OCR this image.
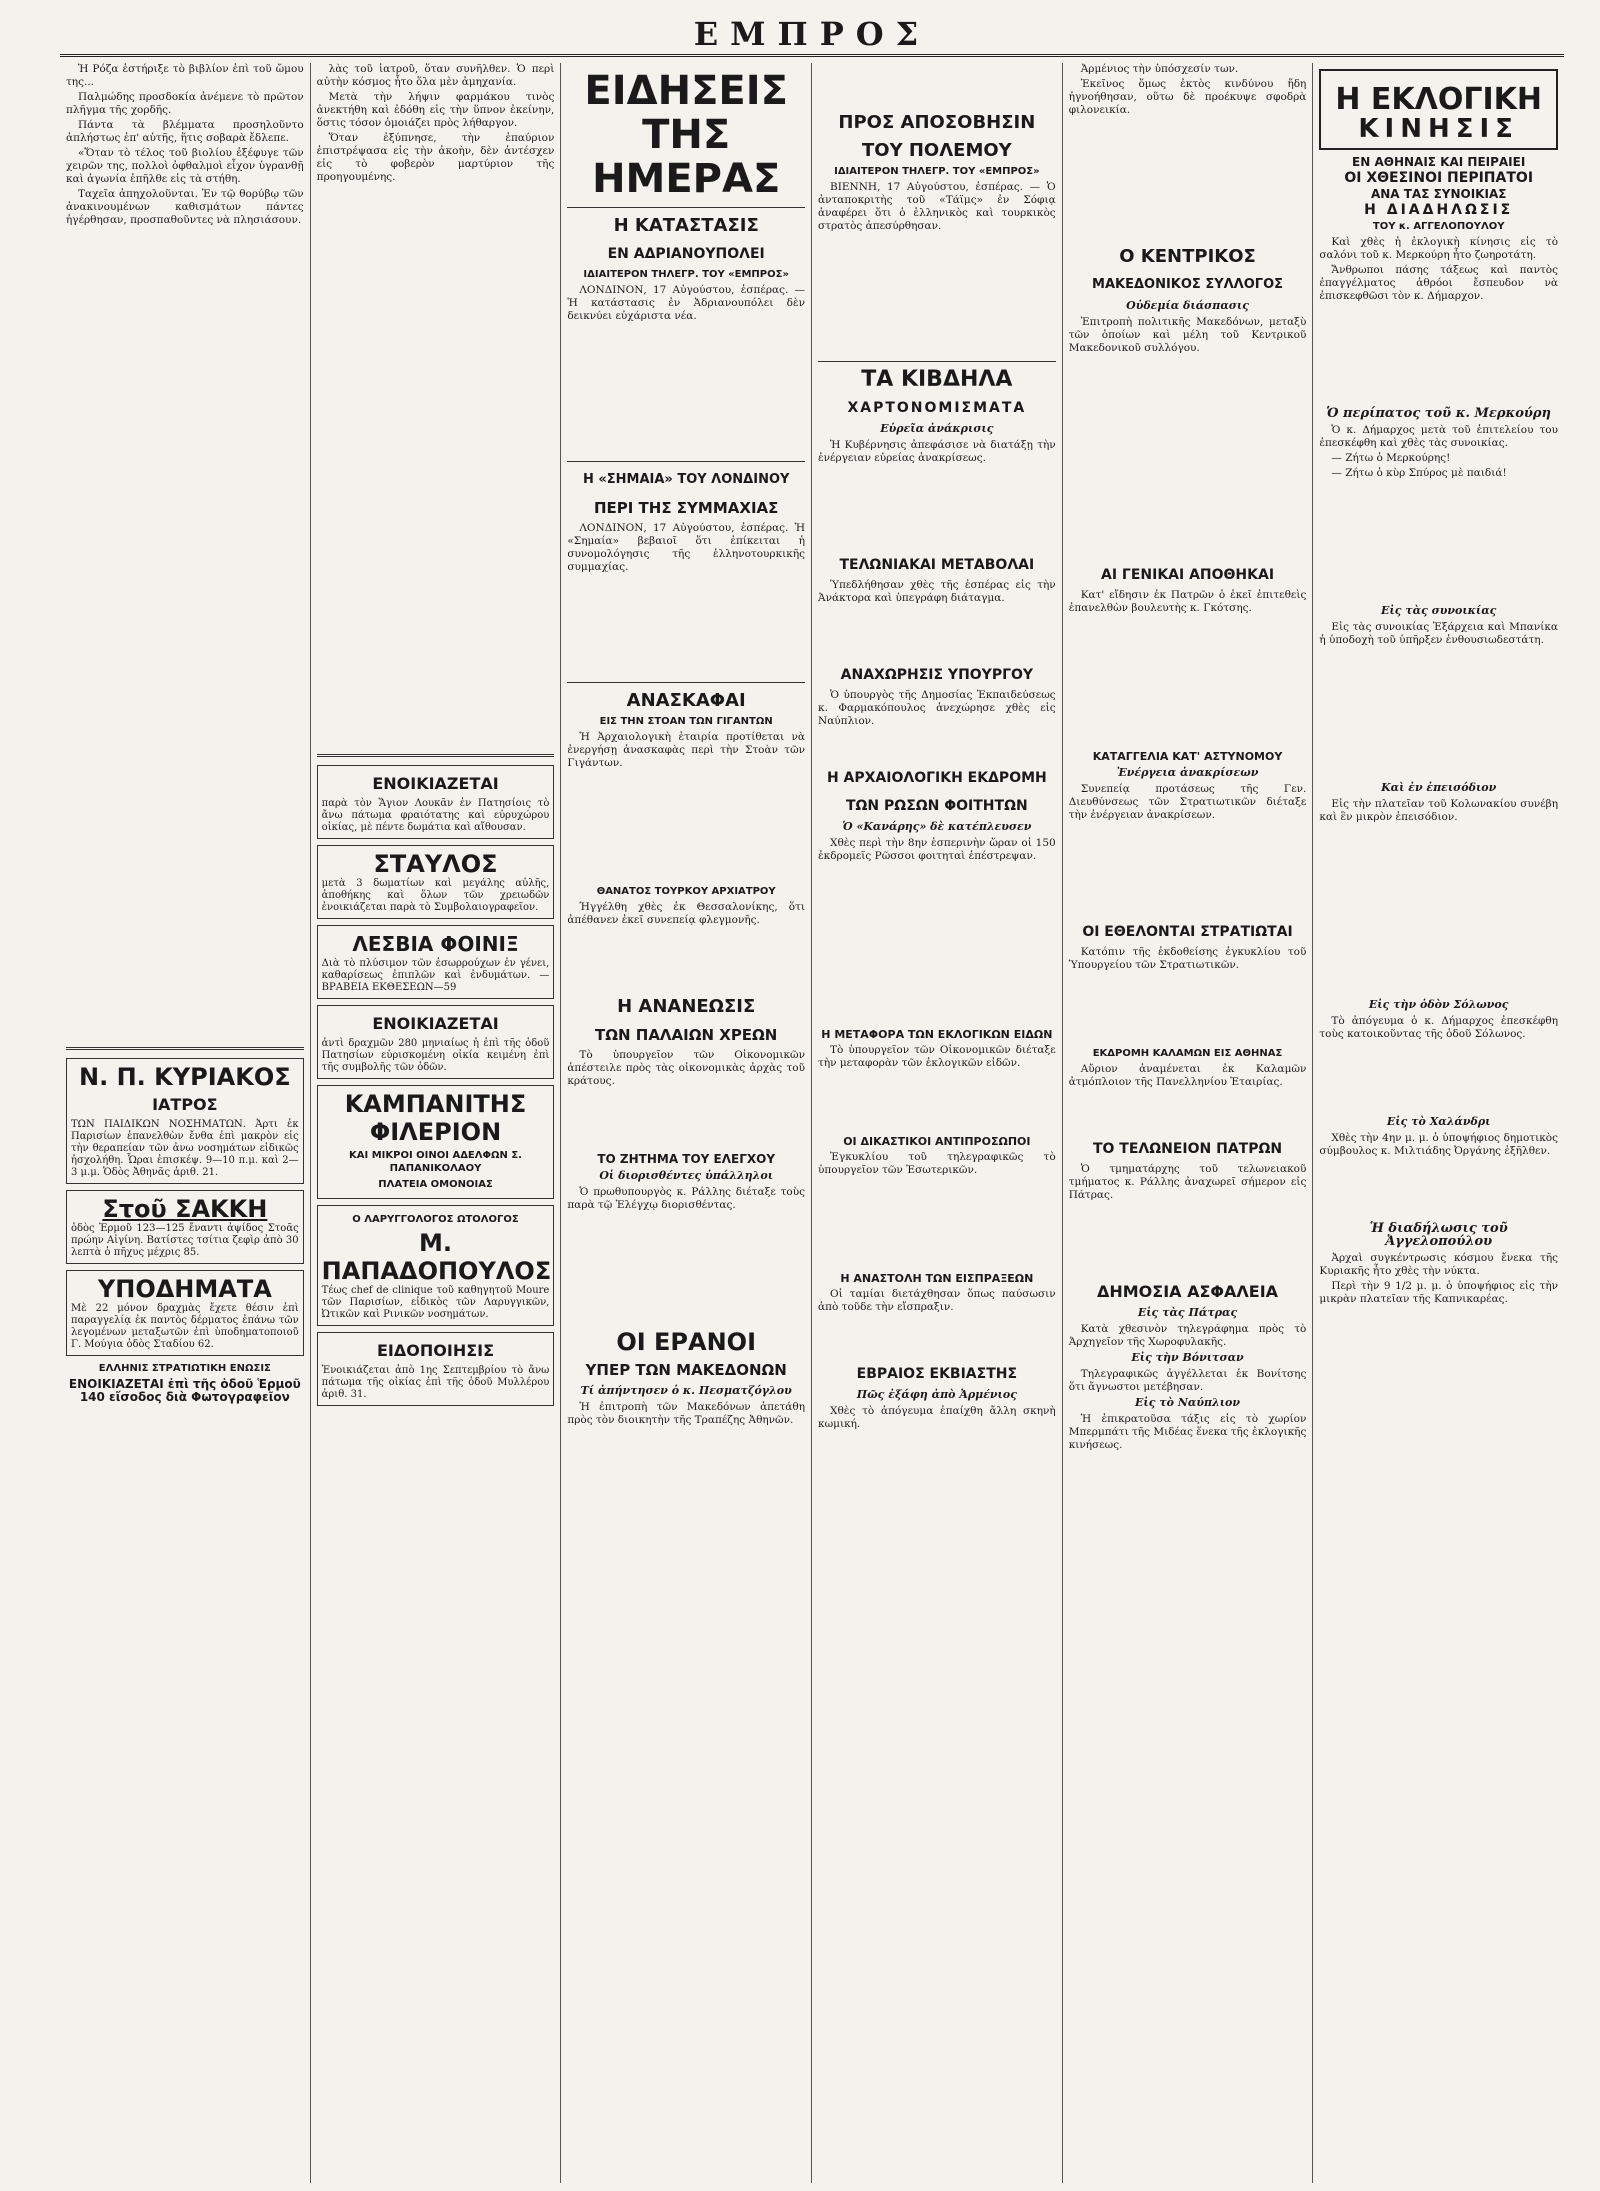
ΕΜΠΡΟΣ

Ἡ Ρόζα ἐστήριξε τὸ βιβλίον ἐπὶ τοῦ ὤμου της...

Παλμώδης προσδοκία ἀνέμενε τὸ πρῶτον πλῆγμα τῆς χορδῆς.

Πάντα τὰ βλέμματα προσηλοῦντο ἀπλήστως ἐπ' αὐτῆς, ἥτις σοβαρὰ ἔδλεπε.

«Ὅταν τὸ τέλος τοῦ βιολίου ἐξέφυγε τῶν χειρῶν της, πολλοὶ ὀφθαλμοὶ εἶχον ὑγρανθῇ καὶ ἀγωνία ἐπῆλθε εἰς τὰ στήθη.

Ταχεῖα ἀπηχολοῦνται. Ἐν τῷ θορύβῳ τῶν ἀνακινουμένων καθισμάτων πάντες ἠγέρθησαν, προσπαθοῦντες νὰ πλησιάσουν.

Ν. Π. ΚΥΡΙΑΚΟΣ
ΙΑΤΡΟΣ
ΤΩΝ ΠΑΙΔΙΚΩΝ ΝΟΣΗΜΑΤΩΝ. Ἀρτι ἐκ Παρισίων ἐπανελθὼν ἔνθα ἐπὶ μακρὸν εἰς τὴν θεραπείαν τῶν ἀνω νοσημάτων εἰδικῶς ἠσχολήθη. Ὧραι ἐπισκέψ. 9—10 π.μ. καὶ 2—3 μ.μ. Ὁδὸς Ἀθηνᾶς ἀριθ. 21.
Στοῦ ΣΑΚΚΗ
ὁδὸς Ἑρμοῦ 123—125 ἔναντι ἀψίδος Στοᾶς πρώην Αἰγίνη. Βατίστες τσίτια ζεφὶρ ἀπὸ 30 λεπτὰ ὁ πῆχυς μέχρις 85.
ΥΠΟΔΗΜΑΤΑ
Μὲ 22 μόνον δραχμὰς ἔχετε θέσιν ἐπὶ παραγγελίᾳ ἐκ παντὸς δέρματος ἐπάνω τῶν λεγομένων μεταξωτῶν ἐπὶ ὑποδηματοποιοῦ Γ. Μούγια ὁδὸς Σταδίου 62.
ΕΛΛΗΝΙΣ ΣΤΡΑΤΙΩΤΙΚΗ ΕΝΩΣΙΣ
ΕΝΟΙΚΙΑΖΕΤΑΙ ἐπὶ τῆς ὁδοῦ Ἑρμοῦ 140 εἴσοδος διὰ Φωτογραφεῖον

λὰς τοῦ ἰατροῦ, ὅταν συνῆλθεν. Ὁ περὶ αὐτὴν κόσμος ἦτο ὅλα μὲν ἀμηχανία.

Μετὰ τὴν λήψιν φαρμάκου τινὸς ἀνεκτήθη καὶ ἐδόθη εἰς τὴν ὕπνον ἐκείνην, ὅστις τόσον ὁμοιάζει πρὸς λήθαργον.

Ὅταν ἐξύπνησε, τὴν ἐπαύριον ἐπιστρέψασα εἰς τὴν ἀκοὴν, δὲν ἀντέσχεν εἰς τὸ φοβερὸν μαρτύριον τῆς προηγουμένης.

ΕΝΟΙΚΙΑΖΕΤΑΙ
παρὰ τὸν Ἅγιον Λουκᾶν ἐν Πατησίοις τὸ ἄνω πάτωμα φραιότατης καὶ εὐρυχώρου οἰκίας, μὲ πέντε δωμάτια καὶ αἴθουσαν.
ΣΤΑΥΛΟΣ
μετὰ 3 δωματίων καὶ μεγάλης αὐλῆς, ἀποθήκης καὶ ὅλων τῶν χρειωδῶν ἐνοικιάζεται παρὰ τὸ Συμβολαιογραφεῖον.
ΛΕΣΒΙΑ ΦΟΙΝΙΞ
Διὰ τὸ πλύσιμον τῶν ἐσωρρούχων ἐν γένει, καθαρίσεως ἐπιπλῶν καὶ ἐνδυμάτων. —ΒΡΑΒΕΙΑ ΕΚΘΕΣΕΩΝ—59
ΕΝΟΙΚΙΑΖΕΤΑΙ
ἀντὶ δραχμῶν 280 μηνιαίως ἡ ἐπὶ τῆς ὁδοῦ Πατησίων εὑρισκομένη οἰκία κειμένη ἐπὶ τῆς συμβολῆς τῶν ὁδῶν.
ΚΑΜΠΑΝΙΤΗΣ ΦΙΛΕΡΙΟΝ
ΚΑΙ ΜΙΚΡΟΙ ΟΙΝΟΙ ΑΔΕΛΦΩΝ Σ. ΠΑΠΑΝΙΚΟΛΑΟΥ
ΠΛΑΤΕΙΑ ΟΜΟΝΟΙΑΣ
Ο ΛΑΡΥΓΓΟΛΟΓΟΣ ΩΤΟΛΟΓΟΣ
Μ. ΠΑΠΑΔΟΠΟΥΛΟΣ
Τέως chef de clinique τοῦ καθηγητοῦ Moure τῶν Παρισίων, εἰδικὸς τῶν Λαρυγγικῶν, Ὠτικῶν καὶ Ρινικῶν νοσημάτων.
ΕΙΔΟΠΟΙΗΣΙΣ
Ἐνοικιάζεται ἀπὸ 1ης Σεπτεμβρίου τὸ ἄνω πάτωμα τῆς οἰκίας ἐπὶ τῆς ὁδοῦ Μυλλέρου ἀριθ. 31.
ΕΙΔΗΣΕΙΣ ΤΗΣ ΗΜΕΡΑΣ
Η ΚΑΤΑΣΤΑΣΙΣ
ΕΝ ΑΔΡΙΑΝΟΥΠΟΛΕΙ
ΙΔΙΑΙΤΕΡΟΝ ΤΗΛΕΓΡ. ΤΟΥ «ΕΜΠΡΟΣ»

ΛΟΝΔΙΝΟΝ, 17 Αὐγούστου, ἐσπέρας. — Ἡ κατάστασις ἐν Ἀδριανουπόλει δὲν δεικνύει εὐχάριστα νέα.

Η «ΣΗΜΑΙΑ» ΤΟΥ ΛΟΝΔΙΝΟΥ
ΠΕΡΙ ΤΗΣ ΣΥΜΜΑΧΙΑΣ

ΛΟΝΔΙΝΟΝ, 17 Αὐγούστου, ἐσπέρας. Ἡ «Σημαία» βεβαιοῖ ὅτι ἐπίκειται ἡ συνομολόγησις τῆς ἑλληνοτουρκικῆς συμμαχίας.

ΑΝΑΣΚΑΦΑΙ
ΕΙΣ ΤΗΝ ΣΤΟΑΝ ΤΩΝ ΓΙΓΑΝΤΩΝ

Ἡ Ἀρχαιολογικὴ ἑταιρία προτίθεται νὰ ἐνεργήσῃ ἀνασκαφὰς περὶ τὴν Στοὰν τῶν Γιγάντων.

ΘΑΝΑΤΟΣ ΤΟΥΡΚΟΥ ΑΡΧΙΑΤΡΟΥ

Ἠγγέλθη χθὲς ἐκ Θεσσαλονίκης, ὅτι ἀπέθανεν ἐκεῖ συνεπείᾳ φλεγμονῆς.

Η ΑΝΑΝΕΩΣΙΣ
ΤΩΝ ΠΑΛΑΙΩΝ ΧΡΕΩΝ

Τὸ ὑπουργεῖον τῶν Οἰκονομικῶν ἀπέστειλε πρὸς τὰς οἰκονομικὰς ἀρχὰς τοῦ κράτους.

ΤΟ ΖΗΤΗΜΑ ΤΟΥ ΕΛΕΓΧΟΥ
Οἱ διορισθέντες ὑπάλληλοι

Ὁ πρωθυπουργὸς κ. Ράλλης διέταξε τοὺς παρὰ τῷ Ἐλέγχῳ διορισθέντας.

ΟΙ ΕΡΑΝΟΙ
ΥΠΕΡ ΤΩΝ ΜΑΚΕΔΟΝΩΝ
Τί ἀπήντησεν ὁ κ. Πεσματζόγλου

Ἡ ἐπιτροπὴ τῶν Μακεδόνων ἀπετάθη πρὸς τὸν διοικητὴν τῆς Τραπέζης Ἀθηνῶν.

ΠΡΟΣ ΑΠΟΣΟΒΗΣΙΝ
ΤΟΥ ΠΟΛΕΜΟΥ
ΙΔΙΑΙΤΕΡΟΝ ΤΗΛΕΓΡ. ΤΟΥ «ΕΜΠΡΟΣ»

ΒΙΕΝΝΗ, 17 Αὐγούστου, ἐσπέρας. — Ὁ ἀνταποκριτὴς τοῦ «Τάϊμς» ἐν Σόφιᾳ ἀναφέρει ὅτι ὁ ἑλληνικὸς καὶ τουρκικὸς στρατὸς ἀπεσύρθησαν.

ΤΑ ΚΙΒΔΗΛΑ
ΧΑΡΤΟΝΟΜΙΣΜΑΤΑ
Εὑρεῖα ἀνάκρισις

Ἡ Κυβέρνησις ἀπεφάσισε νὰ διατάξῃ τὴν ἐνέργειαν εὐρείας ἀνακρίσεως.

ΤΕΛΩΝΙΑΚΑΙ ΜΕΤΑΒΟΛΑΙ

Ὑπεδλήθησαν χθὲς τῆς ἐσπέρας εἰς τὴν Ἀνάκτορα καὶ ὑπεγράφη διάταγμα.

ΑΝΑΧΩΡΗΣΙΣ ΥΠΟΥΡΓΟΥ

Ὁ ὑπουργὸς τῆς Δημοσίας Ἐκπαιδεύσεως κ. Φαρμακόπουλος ἀνεχώρησε χθὲς εἰς Ναύπλιον.

Η ΑΡΧΑΙΟΛΟΓΙΚΗ ΕΚΔΡΟΜΗ
ΤΩΝ ΡΩΣΩΝ ΦΟΙΤΗΤΩΝ
Ὁ «Κανάρης» δὲ κατέπλευσεν

Χθὲς περὶ τὴν 8ην ἑσπερινὴν ὥραν οἱ 150 ἐκδρομεῖς Ρῶσσοι φοιτηταὶ ἐπέστρεψαν.

Η ΜΕΤΑΦΟΡΑ ΤΩΝ ΕΚΛΟΓΙΚΩΝ ΕΙΔΩΝ

Τὸ ὑπουργεῖον τῶν Οἰκονομικῶν διέταξε τὴν μεταφορὰν τῶν ἐκλογικῶν εἰδῶν.

ΟΙ ΔΙΚΑΣΤΙΚΟΙ ΑΝΤΙΠΡΟΣΩΠΟΙ

Ἐγκυκλίου τοῦ τηλεγραφικῶς τὸ ὑπουργεῖον τῶν Ἐσωτερικῶν.

Η ΑΝΑΣΤΟΛΗ ΤΩΝ ΕΙΣΠΡΑΞΕΩΝ

Οἱ ταμίαι διετάχθησαν ὅπως παύσωσιν ἀπὸ τοῦδε τὴν εἴσπραξιν.

ΕΒΡΑΙΟΣ ΕΚΒΙΑΣΤΗΣ
Πῶς ἐξάφη ἀπὸ Ἀρμένιος

Χθὲς τὸ ἀπόγευμα ἐπαίχθη ἄλλη σκηνὴ κωμική.

Ἀρμένιος τὴν ὑπόσχεσίν των.

Ἐκεῖνος ὅμως ἐκτὸς κινδύνου ἤδη ἠγνοήθησαν, οὕτω δὲ προέκυψε σφοδρὰ φιλονεικία.

Ο ΚΕΝΤΡΙΚΟΣ
ΜΑΚΕΔΟΝΙΚΟΣ ΣΥΛΛΟΓΟΣ
Οὐδεμία διάσπασις

Ἐπιτροπὴ πολιτικῆς Μακεδόνων, μεταξὺ τῶν ὁποίων καὶ μέλη τοῦ Κεντρικοῦ Μακεδονικοῦ συλλόγου.

ΑΙ ΓΕΝΙΚΑΙ ΑΠΟΘΗΚΑΙ

Κατ' εἴδησιν ἐκ Πατρῶν ὁ ἐκεῖ ἐπιτεθεὶς ἐπανελθὼν βουλευτὴς κ. Γκότσης.

ΚΑΤΑΓΓΕΛΙΑ ΚΑΤ' ΑΣΤΥΝΟΜΟΥ
Ἐνέργεια ἀνακρίσεων

Συνεπείᾳ προτάσεως τῆς Γεν. Διευθύνσεως τῶν Στρατιωτικῶν διέταξε τὴν ἐνέργειαν ἀνακρίσεων.

ΟΙ ΕΘΕΛΟΝΤΑΙ ΣΤΡΑΤΙΩΤΑΙ

Κατόπιν τῆς ἐκδοθείσης ἐγκυκλίου τοῦ Ὑπουργείου τῶν Στρατιωτικῶν.

ΕΚΔΡΟΜΗ ΚΑΛΑΜΩΝ ΕΙΣ ΑΘΗΝΑΣ

Αὔριον ἀναμένεται ἐκ Καλαμῶν ἀτμόπλοιον τῆς Πανελληνίου Ἑταιρίας.

ΤΟ ΤΕΛΩΝΕΙΟΝ ΠΑΤΡΩΝ

Ὁ τμηματάρχης τοῦ τελωνειακοῦ τμήματος κ. Ράλλης ἀναχωρεῖ σήμερον εἰς Πάτρας.

ΔΗΜΟΣΙΑ ΑΣΦΑΛΕΙΑ
Εἰς τὰς Πάτρας

Κατὰ χθεσινὸν τηλεγράφημα πρὸς τὸ Ἀρχηγεῖον τῆς Χωροφυλακῆς.

Εἰς τὴν Βόνιτσαν

Τηλεγραφικῶς ἀγγέλλεται ἐκ Βονίτσης ὅτι ἄγνωστοι μετέβησαν.

Εἰς τὸ Ναύπλιον

Ἡ ἐπικρατοῦσα τάξις εἰς τὸ χωρίον Μπερμπάτι τῆς Μιδέας ἕνεκα τῆς ἐκλογικῆς κινήσεως.

Η ΕΚΛΟΓΙΚΗ
ΚΙΝΗΣΙΣ
ΕΝ ΑΘΗΝΑΙΣ ΚΑΙ ΠΕΙΡΑΙΕΙ
ΟΙ ΧΘΕΣΙΝΟΙ ΠΕΡΙΠΑΤΟΙ
ΑΝΑ ΤΑΣ ΣΥΝΟΙΚΙΑΣ
Η ΔΙΑΔΗΛΩΣΙΣ
ΤΟΥ κ. ΑΓΓΕΛΟΠΟΥΛΟΥ

Καὶ χθὲς ἡ ἐκλογικὴ κίνησις εἰς τὸ σαλόνι τοῦ κ. Μερκούρη ἦτο ζωηροτάτη.

Ἄνθρωποι πάσης τάξεως καὶ παντὸς ἐπαγγέλματος ἀθρόοι ἔσπευδον νὰ ἐπισκεφθῶσι τὸν κ. Δήμαρχον.

Ὁ περίπατος τοῦ κ. Μερκούρη

Ὁ κ. Δήμαρχος μετὰ τοῦ ἐπιτελείου του ἐπεσκέφθη καὶ χθὲς τὰς συνοικίας.

— Ζήτω ὁ Μερκούρης!

— Ζήτω ὁ κὺρ Σπύρος μὲ παιδιά!

Εἰς τὰς συνοικίας

Εἰς τὰς συνοικίας Ἐξάρχεια καὶ Μπανίκα ἡ ὑποδοχὴ τοῦ ὑπῆρξεν ἐνθουσιωδεστάτη.

Καὶ ἐν ἐπεισόδιον

Εἰς τὴν πλατεῖαν τοῦ Κολωνακίου συνέβη καὶ ἓν μικρὸν ἐπεισόδιον.

Εἰς τὴν ὁδὸν Σόλωνος

Τὸ ἀπόγευμα ὁ κ. Δήμαρχος ἐπεσκέφθη τοὺς κατοικοῦντας τῆς ὁδοῦ Σόλωνος.

Εἰς τὸ Χαλάνδρι

Χθὲς τὴν 4ην μ. μ. ὁ ὑποψήφιος δημοτικὸς σύμβουλος κ. Μιλτιάδης Ὀργάνης ἐξῆλθεν.

Ἡ διαδήλωσις τοῦ Ἀγγελοπούλου

Ἀρχαὶ συγκέντρωσις κόσμου ἔνεκα τῆς Κυριακῆς ἦτο χθὲς τὴν νύκτα.

Περὶ τὴν 9 1/2 μ. μ. ὁ ὑποψήφιος εἰς τὴν μικρὰν πλατεῖαν τῆς Καπνικαρέας.
